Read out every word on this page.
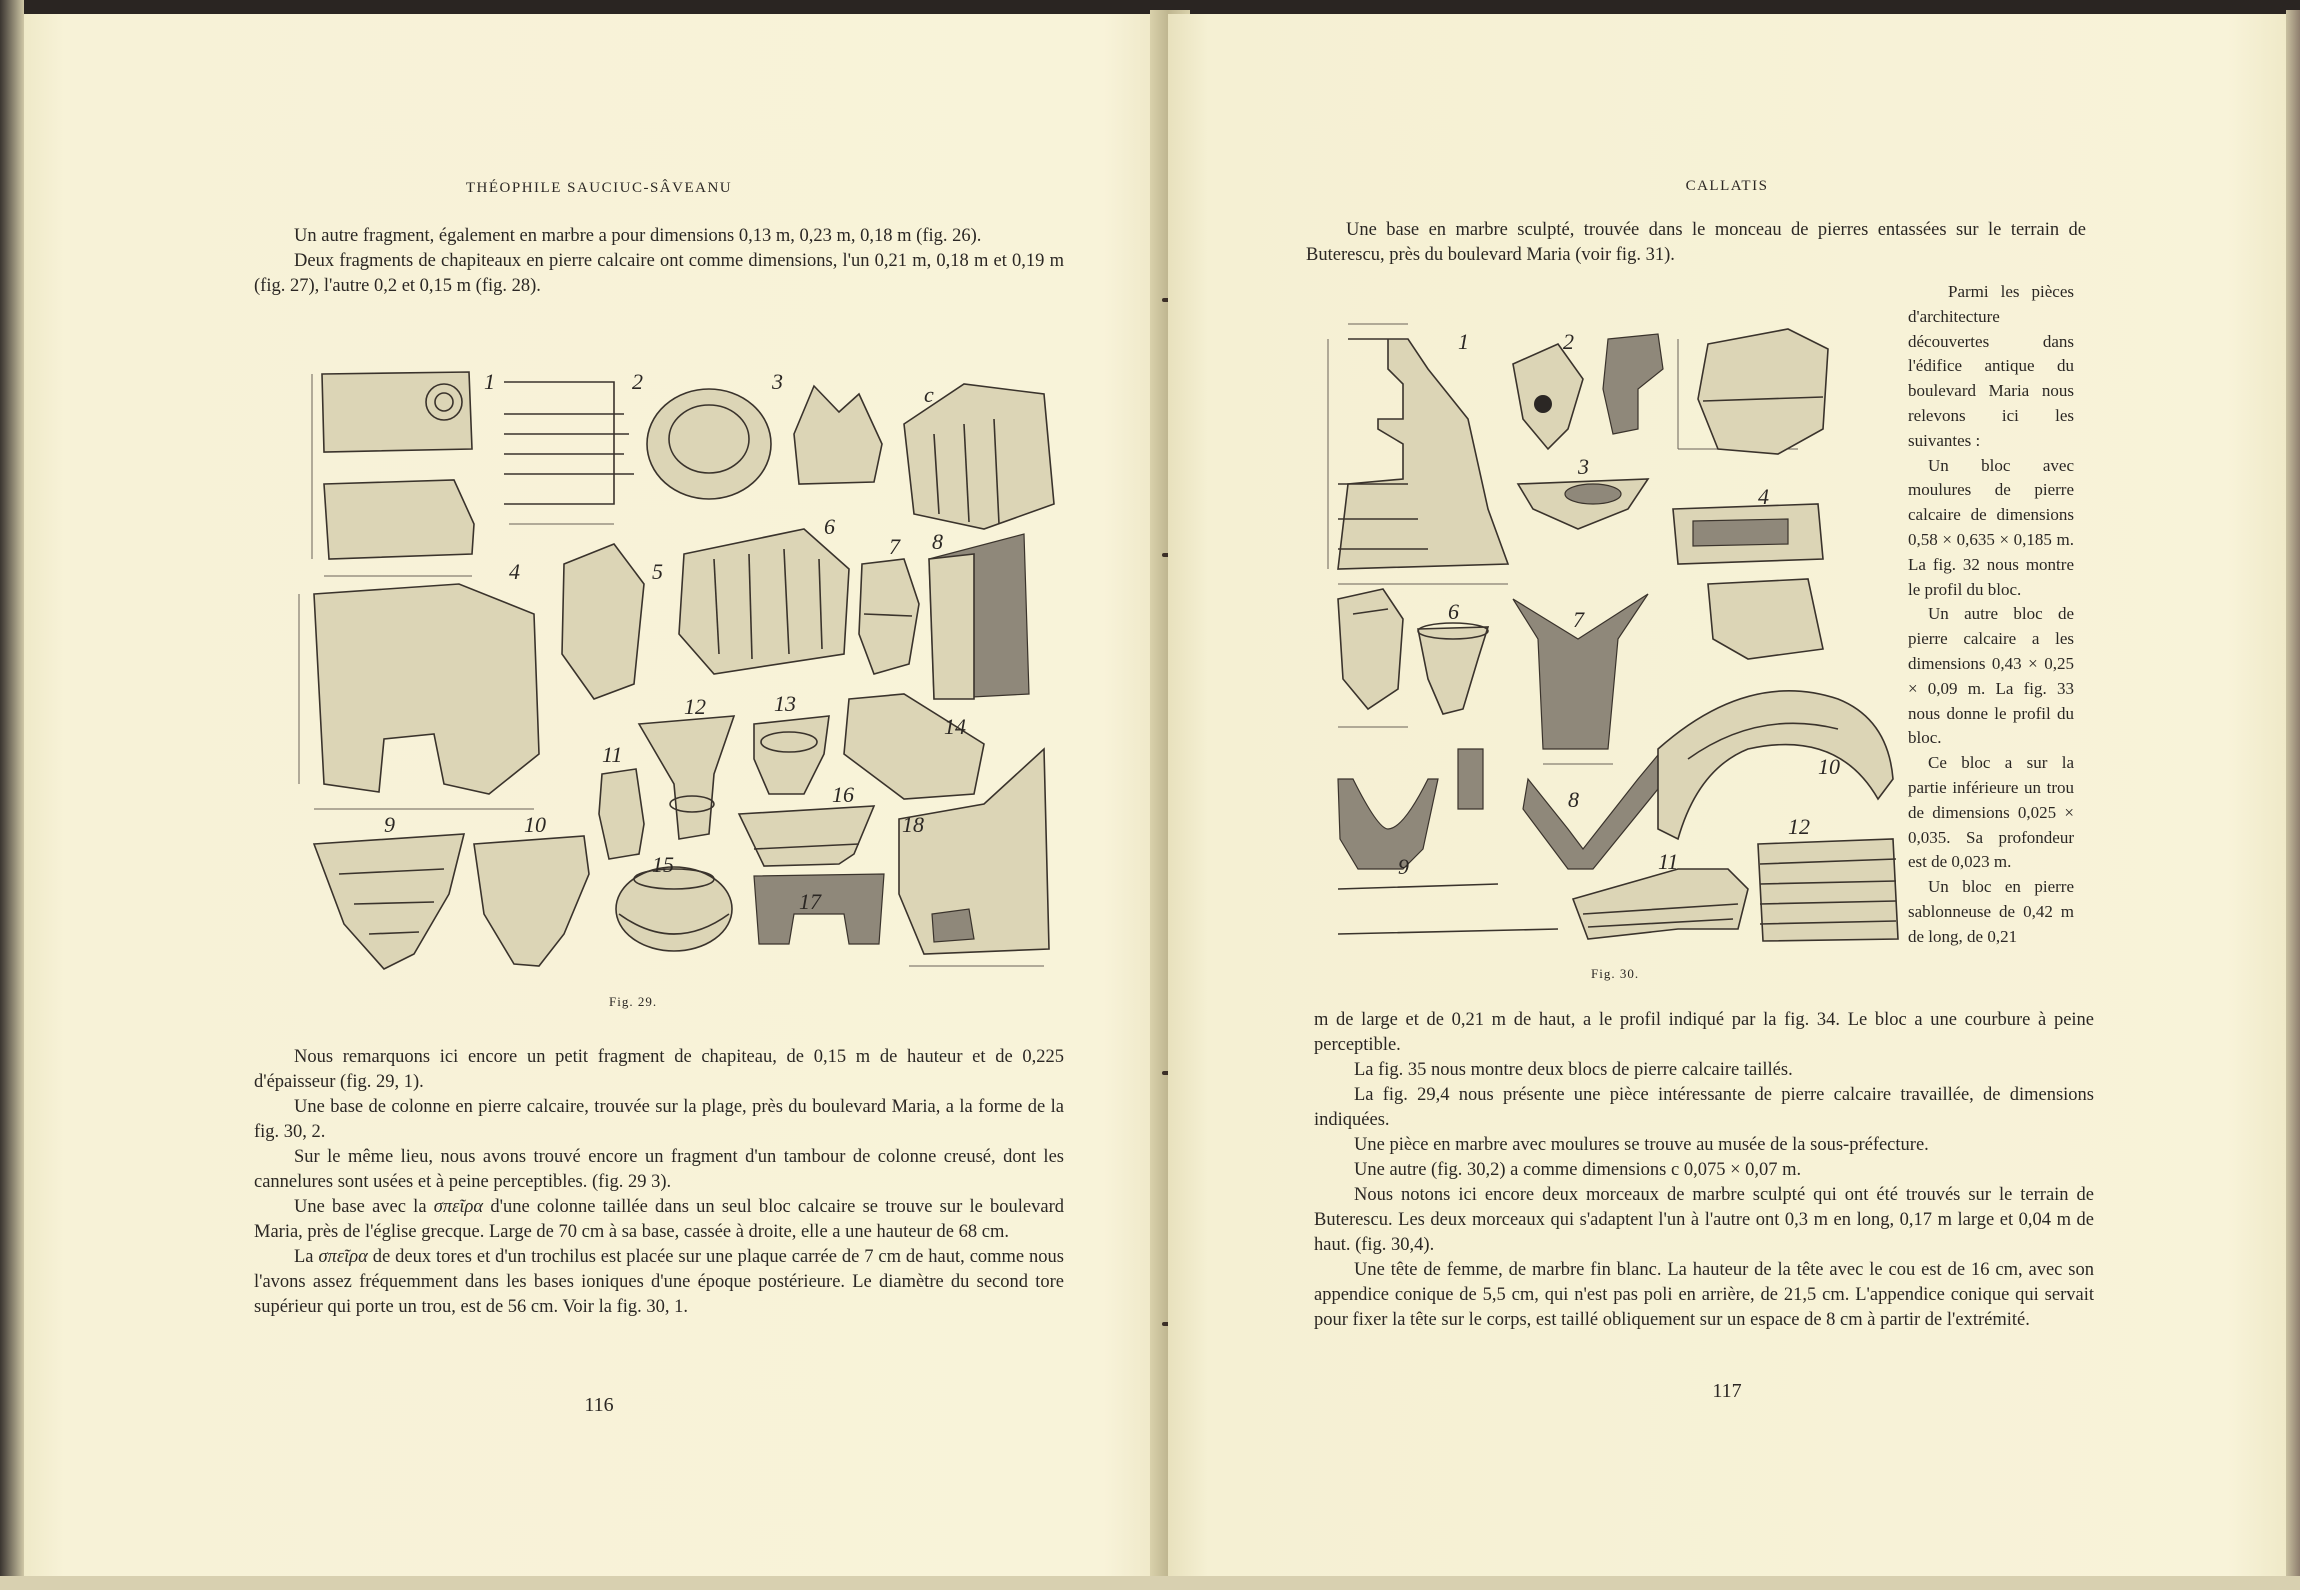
THÉOPHILE SAUCIUC-SÂVEANU

Un autre fragment, également en marbre a pour dimensions 0,13 m, 0,23 m, 0,18 m (fig. 26).

Deux fragments de chapiteaux en pierre calcaire ont comme dimensions, l'un 0,21 m, 0,18 m et 0,19 m (fig. 27), l'autre 0,2 et 0,15 m (fig. 28).

1	2	3
c
4	5
6
7 8
9	10
11
12	13
14
15
16
17
18
Fig. 29.

Nous remarquons ici encore un petit fragment de chapiteau, de 0,15 m de hauteur et de 0,225 d'épaisseur (fig. 29, 1).

Une base de colonne en pierre calcaire, trouvée sur la plage, près du boulevard Maria, a la forme de la fig. 30, 2.

Sur le même lieu, nous avons trouvé encore un fragment d'un tambour de colonne creusé, dont les cannelures sont usées et à peine perceptibles. (fig. 29 3).

Une base avec la σπεῖρα d'une colonne taillée dans un seul bloc calcaire se trouve sur le boulevard Maria, près de l'église grecque. Large de 70 cm à sa base, cassée à droite, elle a une hauteur de 68 cm.

La σπεῖρα de deux tores et d'un trochilus est placée sur une plaque carrée de 7 cm de haut, comme nous l'avons assez fréquemment dans les bases ioniques d'une époque postérieure. Le diamètre du second tore supérieur qui porte un trou, est de 56 cm. Voir la fig. 30, 1.

116
CALLATIS

Une base en marbre sculpté, trouvée dans le monceau de pierres entassées sur le terrain de Buterescu, près du boulevard Maria (voir fig. 31).

1	2
3
4
6	7
8
9
10
11
12
Fig. 30.

Parmi les pièces d'architecture découvertes dans l'édifice antique du boulevard Maria nous relevons ici les suivantes :

Un bloc avec moulures de pierre calcaire de dimensions 0,58 × 0,635 × 0,185 m. La fig. 32 nous montre le profil du bloc.

Un autre bloc de pierre calcaire a les dimensions 0,43 × 0,25 × 0,09 m. La fig. 33 nous donne le profil du bloc.

Ce bloc a sur la partie inférieure un trou de dimensions 0,025 × 0,035. Sa profondeur est de 0,023 m.

Un bloc en pierre sablonneuse de 0,42 m de long, de 0,21

m de large et de 0,21 m de haut, a le profil indiqué par la fig. 34. Le bloc a une courbure à peine perceptible.

La fig. 35 nous montre deux blocs de pierre calcaire taillés.

La fig. 29,4 nous présente une pièce intéressante de pierre calcaire travaillée, de dimensions indiquées.

Une pièce en marbre avec moulures se trouve au musée de la sous-préfecture.

Une autre (fig. 30,2) a comme dimensions c 0,075 × 0,07 m.

Nous notons ici encore deux morceaux de marbre sculpté qui ont été trouvés sur le terrain de Buterescu. Les deux morceaux qui s'adaptent l'un à l'autre ont 0,3 m en long, 0,17 m large et 0,04 m de haut. (fig. 30,4).

Une tête de femme, de marbre fin blanc. La hauteur de la tête avec le cou est de 16 cm, avec son appendice conique de 5,5 cm, qui n'est pas poli en arrière, de 21,5 cm. L'appendice conique qui servait pour fixer la tête sur le corps, est taillé obliquement sur un espace de 8 cm à partir de l'extrémité.

117
